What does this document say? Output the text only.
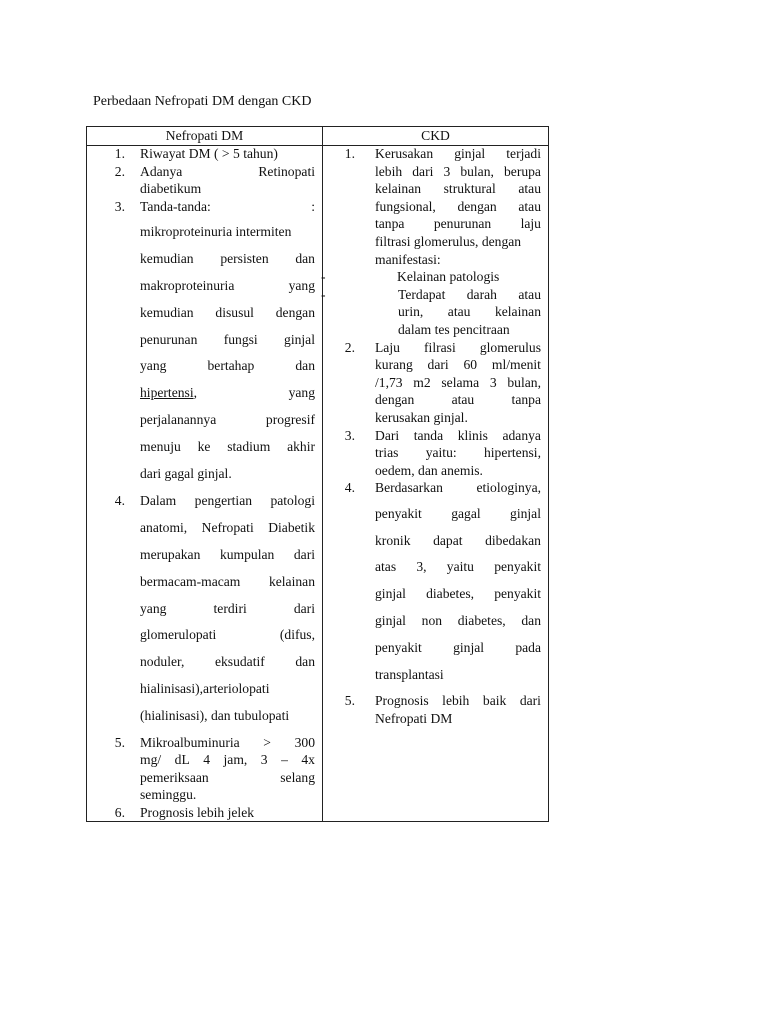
Perbedaan Nefropati DM dengan CKD
Nefropati DM
1. Riwayat DM ( > 5 tahun)
2. Adanya	Retinopati
diabetikum
3. Tanda-tanda:	:
mikroproteinuria intermiten
kemudian persisten dan
makroproteinuria	yang
kemudian disusul dengan
penurunan fungsi ginjal
yang	bertahap	dan
hipertensi,	yang
perjalanannya	progresif
menuju ke stadium akhir
dari gagal ginjal.
4. Dalam pengertian patologi
anatomi, Nefropati Diabetik
merupakan kumpulan dari
bermacam-macam kelainan
yang	terdiri	dari
glomerulopati	(difus,
noduler, eksudatif dan
hialinisasi),arteriolopati
(hialinisasi), dan tubulopati
5. Mikroalbuminuria > 300
mg/ dL 4 jam, 3 – 4x
pemeriksaan	selang
seminggu.
6. Prognosis lebih jelek
CKD
1. Kerusakan ginjal terjadi
lebih dari 3 bulan, berupa
kelainan struktural atau
fungsional, dengan atau
tanpa penurunan laju
filtrasi glomerulus, dengan
manifestasi:
-	Kelainan patologis
-	Terdapat darah atau
urin, atau kelainan
dalam tes pencitraan
2. Laju filrasi glomerulus
kurang dari 60 ml/menit
/1,73 m2 selama 3 bulan,
dengan	atau	tanpa
kerusakan ginjal.
3. Dari tanda klinis adanya
trias yaitu: hipertensi,
oedem, dan anemis.
4. Berdasarkan etiologinya,
penyakit gagal ginjal
kronik dapat dibedakan
atas 3, yaitu penyakit
ginjal diabetes, penyakit
ginjal non diabetes, dan
penyakit ginjal pada
transplantasi
5. Prognosis lebih baik dari
Nefropati DM
